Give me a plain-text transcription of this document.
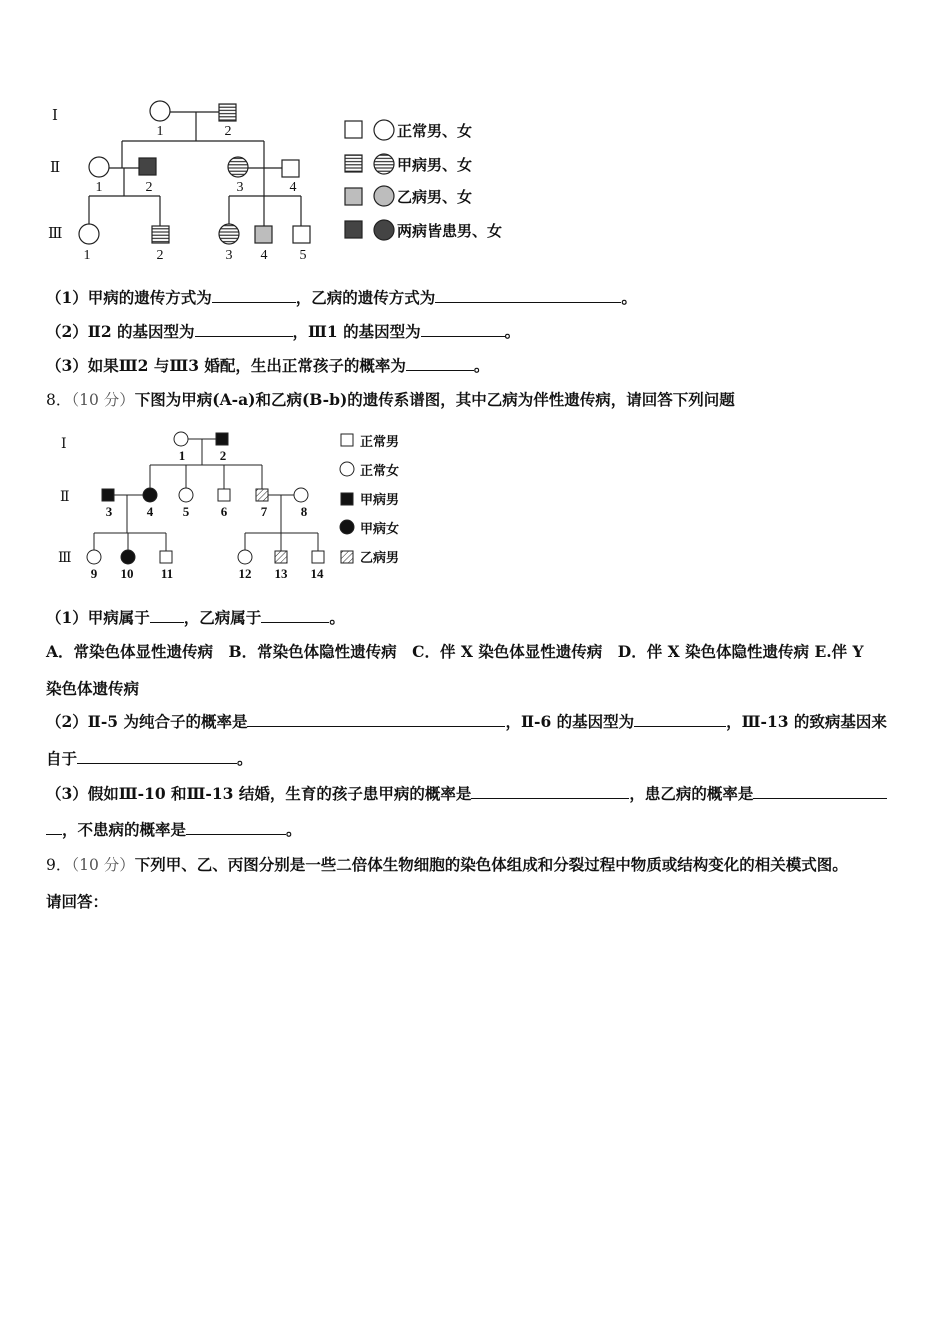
Ⅰ
Ⅱ
Ⅲ
1	2
1	2	3	4
1	2	3 4 5
正常男、女
甲病男、女
乙病男、女
两病皆患男、女
（1）甲病的遗传方式为	，乙病的遗传方式为	。
（2）Ⅱ2 的基因型为	，Ⅲ1 的基因型为	。
（3）如果Ⅲ2 与Ⅲ3 婚配，生出正常孩子的概率为	。
8．（10 分）下图为甲病(A-a)和乙病(B-b)的遗传系谱图，其中乙病为伴性遗传病，请回答下列问题
Ⅰ
Ⅱ
Ⅲ
1	2
3	4 5 6	7	8
9 10 11	12 13 14
正常男
正常女
甲病男
甲病女
乙病男
（1）甲病属于 ，乙病属于	。
A．常染色体显性遗传病　B．常染色体隐性遗传病　C．伴 X 染色体显性遗传病　D．伴 X 染色体隐性遗传病 E.伴 Y
染色体遗传病
（2）Ⅱ-5 为纯合子的概率是	，Ⅱ-6 的基因型为	，Ⅲ-13 的致病基因来
自于	。
（3）假如Ⅲ-10 和Ⅲ-13 结婚，生育的孩子患甲病的概率是	，患乙病的概率是
，不患病的概率是	。
9．（10 分）下列甲、乙、丙图分别是一些二倍体生物细胞的染色体组成和分裂过程中物质或结构变化的相关模式图。
请回答：
